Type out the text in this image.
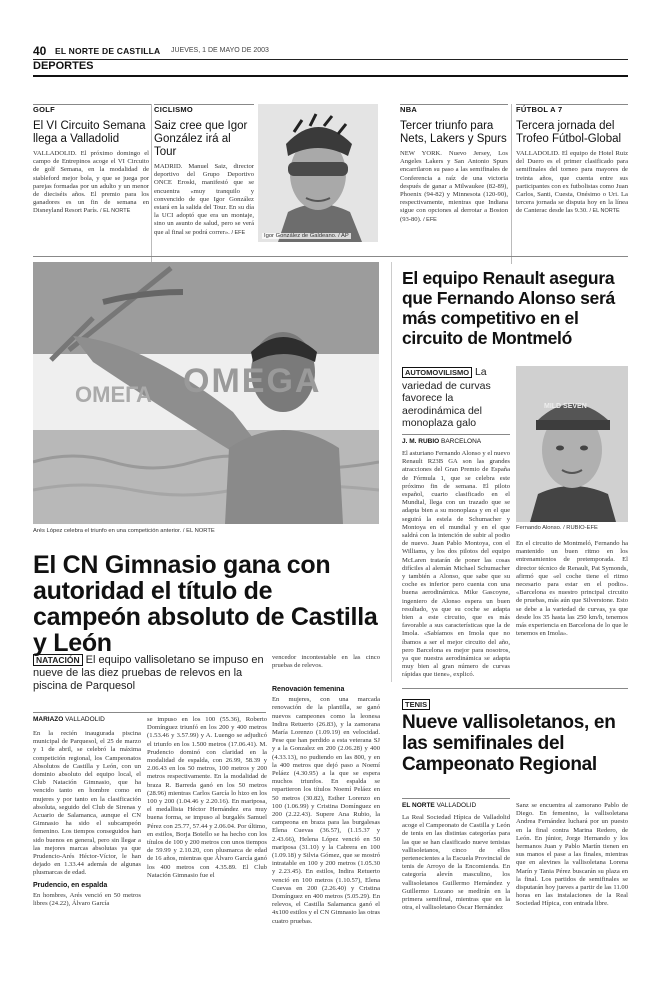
40 EL NORTE DE CASTILLA JUEVES, 1 DE MAYO DE 2003
DEPORTES
GOLF
El VI Circuito Semana llega a Valladolid
VALLADOLID. El próximo domingo el campo de Entrepinos acoge el VI Circuito de golf Semana, en la modalidad de stableford mejor bola, y que se juega por parejas formadas por un adulto y un menor de dieciséis años. El premio para los ganadores es un fin de semana en Disneyland Resort París. / EL NORTE
CICLISMO
Saiz cree que Igor González irá al Tour
MADRID. Manuel Saiz, director deportivo del Grupo Deportivo ONCE Eroski, manifestó que se encuentra «muy tranquilo y convencido de que Igor González estará en la salida del Tour. En su día la UCI adoptó que era un montaje, sino un asunto de salud, pero se verá que al final se podrá correr». / EFE
Igor González de Galdeano. / AP
NBA
Tercer triunfo para Nets, Lakers y Spurs
NEW YORK. Nuevo Jersey, Los Angeles Lakers y San Antonio Spurs encarrilaron su paso a las semifinales de Conferencia a raíz de una victoria después de ganar a Milwaukee (82-89), Phoenix (94-82) y Minnesota (120-90), respectivamente, mientras que Indiana sigue con opciones al derrotar a Boston (93-80). / EFE
FÚTBOL A 7
Tercera jornada del Trofeo Fútbol-Global
VALLADOLID. El equipo de Hotel Ruiz del Duero es el primer clasificado para semifinales del torneo para mayores de treinta años, que cuenta entre sus participantes con ex futbolistas como Juan Carlos, Santi, Cuesta, Onésimo o Uri. La tercera jornada se disputa hoy en la línea de Canterac desde las 9.30. / EL NORTE
OMEGA
ΟΜΕΓΑ
Arés López celebra el triunfo en una competición anterior. / EL NORTE
El CN Gimnasio gana con autoridad el título de campeón absoluto de Castilla y León
NATACIÓN El equipo vallisoletano se impuso en nueve de las diez pruebas de relevos en la piscina de Parquesol
vencedor incontestable en las cinco pruebas de relevos.
MARIAZO VALLADOLID
En la recién inaugurada piscina municipal de Parquesol, el 25 de marzo y 1 de abril, se celebró la máxima competición regional, los Campeonatos Absolutos de Castilla y León, con un dominio absoluto del equipo local, el Club Natación Gimnasio, que ha vencido tanto en hombre como en mujeres y por tanto en la clasificación absoluta, seguido del Club de Sirenas y Acuario de Salamanca, aunque el CN Gimnasio ha sido el subcampeón femenino. Los tiempos conseguidos han sido buenos en general, pero sin llegar a las mejores marcas absolutas ya que Prudencio-Arés Héctor-Víctor, le han dejado en 1.33.44 además de algunas plusmarcas de edad.
Prudencio, en espalda
En hombres, Arés venció en 50 metros libres (24.22), Álvaro García
se impuso en los 100 (55.36), Roberto Domínguez triunfó en los 200 y 400 metros (1.53.46 y 3.57.99) y A. Luengo se adjudicó el triunfo en los 1.500 metros (17.06.41). M. Prudencio dominó con claridad en la modalidad de espalda, con 26.99, 58.39 y 2.06.43 en los 50 metros, 100 metros y 200 metros respectivamente. En la modalidad de braza R. Barreda ganó en los 50 metros (28.96) mientras Carlos García lo hizo en los 100 y 200 (1.04.46 y 2.20.16). En mariposa, el medallista Héctor Hernández era muy buena forma, se impuso al burgalés Samuel Pérez con 25.77, 57.44 y 2.06.04. Por último, en estilos, Borja Botello se ha hecho con los títulos de 100 y 200 metros con unos tiempos de 59.99 y 2.10.20, con plusmarca de edad de 16 años, mientras que Álvaro García ganó los 400 metros con 4.35.89. El Club Natación Gimnasio fue el
Renovación femenina
En mujeres, con una marcada renovación de la plantilla, se ganó nuevos campeones como la leonesa Indira Retuerto (26.83), y la zamorana María Lorenzo (1.09.19) en velocidad. Pese que han perdido a esta veterana SJ y a la Gonzalez en 200 (2.06.28) y 400 (4.33.13), no pudiendo en las 800, y en la 400 metros que dejó paso a Noemí Peláez (4.30.95) a la que se espera muchos triunfos. En espalda se repartieron los títulos Noemí Peláez en 50 metros (30.82), Esther Lorenzo en 100 (1.06.99) y Cristina Domínguez en 200 (2.22.43). Supere Ana Rubio, la campeona en braza para las burgalesas Elena Cuevas (36.57), (1.15.37 y 2.43.66), Helena López venció en 50 mariposa (31.10) y la Cabrera en 100 (1.09.18) y Silvia Gómez, que se mostró intratable en 100 y 200 metros (1.05.30 y 2.23.45). En estilos, Indira Retuerto venció en 100 metros (1.10.57), Elena Cuevas en 200 (2.26.40) y Cristina Domínguez en 400 metros (5.05.29). En relevos, el Castilla Salamanca ganó el 4x100 estilos y el CN Gimnasio las otras cuatro pruebas.
El equipo Renault asegura que Fernando Alonso será más competitivo en el circuito de Montmeló
AUTOMOVILISMO La variedad de curvas favorece la aerodinámica del monoplaza galo
MILD SEVEN
Fernando Alonso. / RUBIO-EFE
J. M. RUBIO BARCELONA
El asturiano Fernando Alonso y el nuevo Renault R23B GA son las grandes atracciones del Gran Premio de España de Fórmula 1, que se celebra este próximo fin de semana. El piloto español, cuarto clasificado en el Mundial, llega con un trazado que se adapta bien a su monoplaza y en el que seguirá la estela de Schumacher y Montoya en el mundial y en el que saldrá con la intención de subir al podio de nuevo. Juan Pablo Montoya, con el Williams, y los dos pilotos del equipo McLaren tratarán de poner las cosas difíciles al alemán Michael Schumacher y también a Alonso, que sabe que su coche es inferior pero cuenta con una buena aerodinámica. Mike Gascoyne, ingeniero de Alonso espera un buen resultado, ya que su coche se adapta bien a este circuito, que es más favorable a sus características que la de Imola. «Sabíamos en Imola que no íbamos a ser el mejor circuito del año, pero Barcelona es mejor para nosotros, ya que nuestra aerodinámica se adapta muy bien al gran número de curvas rápidas que tiene», explicó.
En el circuito de Montmeló, Fernando ha mantenido un buen ritmo en los entrenamientos de pretemporada. El director técnico de Renault, Pat Symonds, afirmó que «el coche tiene el ritmo necesario para estar en el podio». «Barcelona es nuestro principal circuito de pruebas, más aún que Silverstone. Esto se debe a la variedad de curvas, ya que desde los 35 hasta las 250 km/h, tenemos más experiencia en Barcelona de lo que le tenemos en Imola».
TENIS
Nueve vallisoletanos, en las semifinales del Campeonato Regional
EL NORTE VALLADOLID
La Real Sociedad Hípica de Valladolid acoge el Campeonato de Castilla y León de tenis en las distintas categorías para las que se han clasificado nueve tenistas vallisoletanos, cinco de ellos pertenecientes a la Escuela Provincial de tenis de Arroyo de la Encomienda. En categoría alevín masculino, los vallisoletanos Guillermo Hernández y Guillermo Lozano se medirán en la primera semifinal, mientras que en la otra, el vallisoletano Óscar Hernández
Sanz se encuentra al zamorano Pablo de Diego. En femenino, la vallisoletana Andrea Fernández luchará por un puesto en la final contra Marina Redero, de León. En júnior, Jorge Hernando y los hermanos Juan y Pablo Martín tienen en sus manos el pase a las finales, mientras que en alevines la vallisoletana Lorena Marín y Tania Pérez buscarán su plaza en la final. Los partidos de semifinales se disputarán hoy jueves a partir de las 11.00 horas en las instalaciones de la Real Sociedad Hípica, con entrada libre.
